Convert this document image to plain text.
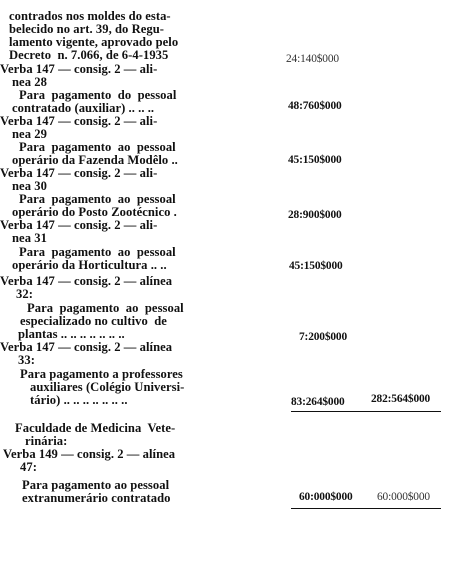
contrados nos moldes do esta-
belecido no art. 39, do Regu-
lamento vigente, aprovado pelo
Decreto  n. 7.066, de 6-4-1935	24:140$000
Verba 147 — consig. 2 — ali-
nea 28
Para  pagamento  do  pessoal
contratado (auxiliar) .. .. ..	48:760$000
Verba 147 — consig. 2 — ali-
nea 29
Para  pagamento  ao  pessoal
operário da Fazenda Modêlo ..	45:150$000
Verba 147 — consig. 2 — ali-
nea 30
Para  pagamento  ao  pessoal
operário do Posto Zootécnico .	28:900$000
Verba 147 — consig. 2 — ali-
nea 31
Para  pagamento  ao  pessoal
operário da Horticultura .. ..	45:150$000
Verba 147 — consig. 2 — alínea
32:
Para  pagamento  ao  pessoal
especializado no cultivo  de
plantas .. .. .. .. .. .. ..	7:200$000
Verba 147 — consig. 2 — alínea
33:
Para pagamento a professores
auxiliares (Colégio Universi-
tário) .. .. .. .. .. .. ..	83:264$000 282:564$000
Faculdade de Medicina  Vete-
rinária:
Verba 149 — consig. 2 — alínea
47:
Para pagamento ao pessoal
extranumerário contratado	60:000$000 60:000$000
